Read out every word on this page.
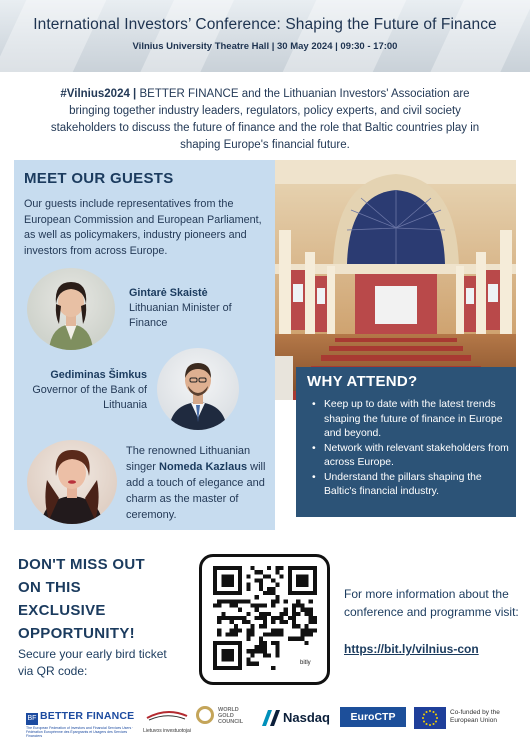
International Investors’ Conference: Shaping the Future of Finance
Vilnius University Theatre Hall | 30 May 2024 | 09:30 - 17:00

#Vilnius2024 | BETTER FINANCE and the Lithuanian Investors' Association are bringing together industry leaders, regulators, policy experts, and civil society stakeholders to discuss the future of finance and the role that Baltic countries play in shaping Europe's financial future.

MEET OUR GUESTS

Our guests include representatives from the European Commission and European Parliament, as well as policymakers, industry pioneers and investors from across Europe.

Gintarė Skaistė
Lithuanian Minister of Finance
Gediminas Šimkus
Governor of the Bank of Lithuania

The renowned Lithuanian singer Nomeda Kazlaus will add a touch of elegance and charm as the master of ceremony.

WHY ATTEND?
• Keep up to date with the latest trends shaping the future of finance in Europe and beyond.
• Network with relevant stakeholders from across Europe.
• Understand the pillars shaping the Baltic's financial industry.
DON'T MISS OUT ON THIS EXCLUSIVE OPPORTUNITY!

Secure your early bird ticket via QR code:

bitly

For more information about the conference and programme visit:

https://bit.ly/vilnius-con
BF BETTER FINANCE
The European Federation of Investors and Financial Services Users · Fédération Européenne des Épargnants et Usagers des Services Financiers
Lietuvos investuotojai
WORLD GOLD COUNCIL	Nasdaq	EuroCTP	Co-funded by the European Union
